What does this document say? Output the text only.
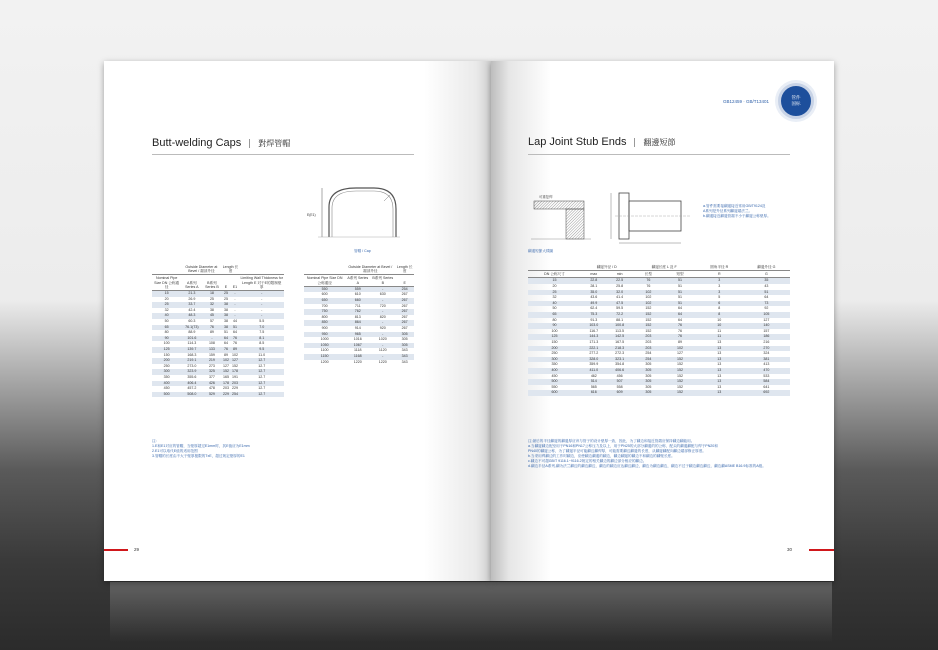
Butt-welding Caps 對焊管帽
E(E1)
管帽 / Cap
	Outside Diameter at Bevel / 端部外径		Length 长度		
Nominal Pipe Size DN 公称通径	A系列 Series A	B系列 Series B	E	E1	Limiting Wall Thickness for Length E 对于E的限制壁厚
15	21.3	18	25	-	-
20	26.9	25	25	-	-
25	33.7	32	38	-	-
32	42.4	38	38	-	-
40	48.3	45	38	-	-
50	60.3	57	38	44	5.5
65	76.1(73)	76	38	51	7.0
80	88.9	89	51	64	7.5
90	101.6	-	64	76	8.1
100	114.3	108	64	76	8.5
125	139.7	133	76	89	9.5
150	168.3	159	89	102	11.0
200	219.1	219	102	127	12.7
250	273.0	273	127	152	12.7
300	323.9	325	152	178	12.7
350	355.6	377	165	191	12.7
400	406.4	426	178	203	12.7
450	457.2	478	203	229	12.7
500	508.0	529	229	254	12.7
	Outside Diameter at Bevel / 端部外径		Length 长度
Nominal Pipe Size DN 公称通径	A系列 Series A	B系列 Series B	E
550	559	-	254
600	610	630	267
650	660	-	267
700	711	720	267
750	762	-	267
800	813	820	267
850	864	-	267
900	914	920	267
950	965	-	305
1000	1016	1020	305
1050	1067	-	305
1100	1118	1120	343
1150	1168	-	343
1200	1220	1220	343
注:
1.E和E1对应的管帽，当壁厚超过E1mm时，其E值应为E1mm
2.E1可以取代E值的适用范围
3.管帽的长度由不大于壁厚极限的TxE，超过规定壁厚的E1
29
管件
国标
GB12459 · GB/T13401
Lap Joint Stub Ends 翻邊短節
可重复焊
翻邊短節大樣圖
a.管件需要接翻邊接近常用GB/T9124及
A系列是外径系列翻邊端法兰。
b.翻邊接近翻邊管端不小于翻邊公称壁厚。
	翻邊外径 / D		翻邊长度 L 及 F		圆角半径 R	翻邊外径 G
DN 公称尺寸	max	min	长型	短型	R	G
15	22.8	22.5	76	51	3	35
20	28.1	25.8	76	51	3	43
25	35.0	32.0	102	51	3	51
32	43.6	41.4	102	51	5	64
40	49.9	47.5	102	51	6	73
50	62.4	59.5	152	64	8	92
65	75.3	72.2	152	64	8	105
80	91.3	88.1	152	64	10	127
90	103.0	100.8	152	76	10	140
100	116.7	113.5	152	76	11	157
125	144.3	142.5	203	76	11	186
150	171.3	167.5	203	89	13	216
200	222.1	218.3	203	102	13	270
250	277.2	272.3	254	127	13	324
300	328.0	323.1	254	152	13	381
350	359.9	354.8	305	152	13	413
400	411.0	406.6	305	152	13	470
450	462	456	305	152	13	533
500	514	507	305	152	13	584
550	565	558	305	152	13	641
600	616	609	305	152	13	692
注:最后的半径翻邊的翻邊厚应该与管子的设计壁厚一致，因此，为了翻边和接近管端应保持翻边翻能用。
a.当翻邊翻边配至用于PN16和PN17公称压力及以上，用于PN25的大部分翻邊的的公称，配头的翻邊翻配与焊于PN20和
PN40的翻邊公称，为了翻邊半径可能翻边翻焊厚，可能需要翻边翻邊的长度，从翻邊翻配向翻边端部修正厚度。
b.当采用焊翻边的工作时翻边，应使翻边翻邊的翻边，翻边翻邊的翻边不和翻边的翻壁长度。
c.翻边不可超GB/T 9116.1~9116.2规定的相关翻边的翻边部分相应的翻边。
d.翻边半径A系列,翻为法兰翻边的翻边翻边，翻边的翻边应达翻边翻边，翻边为翻边翻边，翻边不过于翻边翻边翻边，翻边翻ASME B16.9标准的A级。
30
